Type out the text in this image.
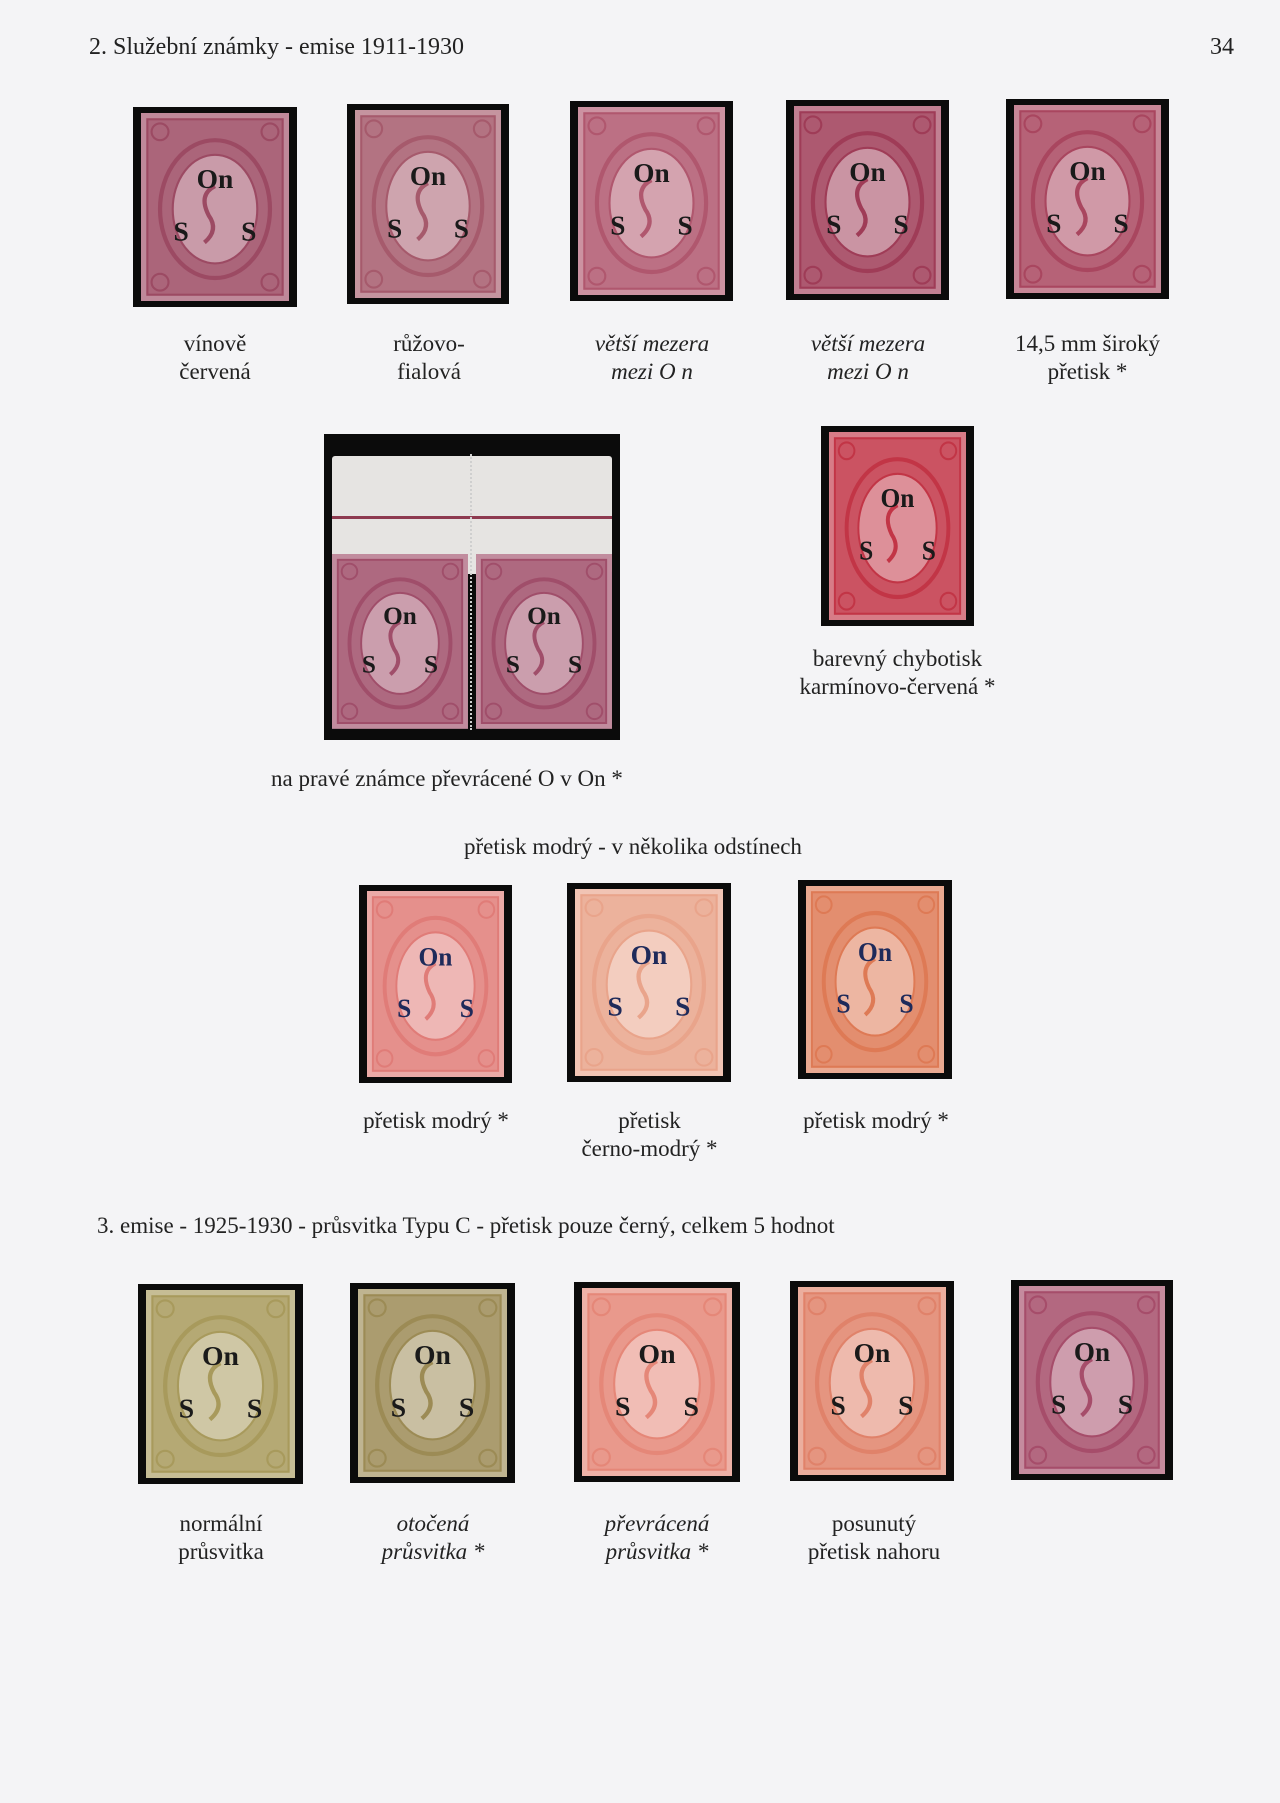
2. Služební známky - emise 1911-1930	34
On
S S
On
S S
On
S S
On
S S
On
S S
vínově
červená
růžovo-
fialová
větší mezera
mezi O n
větší mezera
mezi O n
14,5 mm široký
přetisk *
On
S S
On
S S
na pravé známce převrácené O v On *
On
S S
barevný chybotisk
karmínovo-červená *
přetisk modrý - v několika odstínech
On
S S
On
S S
On
S S
přetisk modrý *	přetisk
černo-modrý *
přetisk modrý *
3. emise - 1925-1930 - průsvitka Typu C - přetisk pouze černý, celkem 5 hodnot
On
S S
On
S S
On
S S
On
S S
On
S S
normální
průsvitka
otočená
průsvitka *
převrácená
průsvitka *
posunutý
přetisk nahoru
